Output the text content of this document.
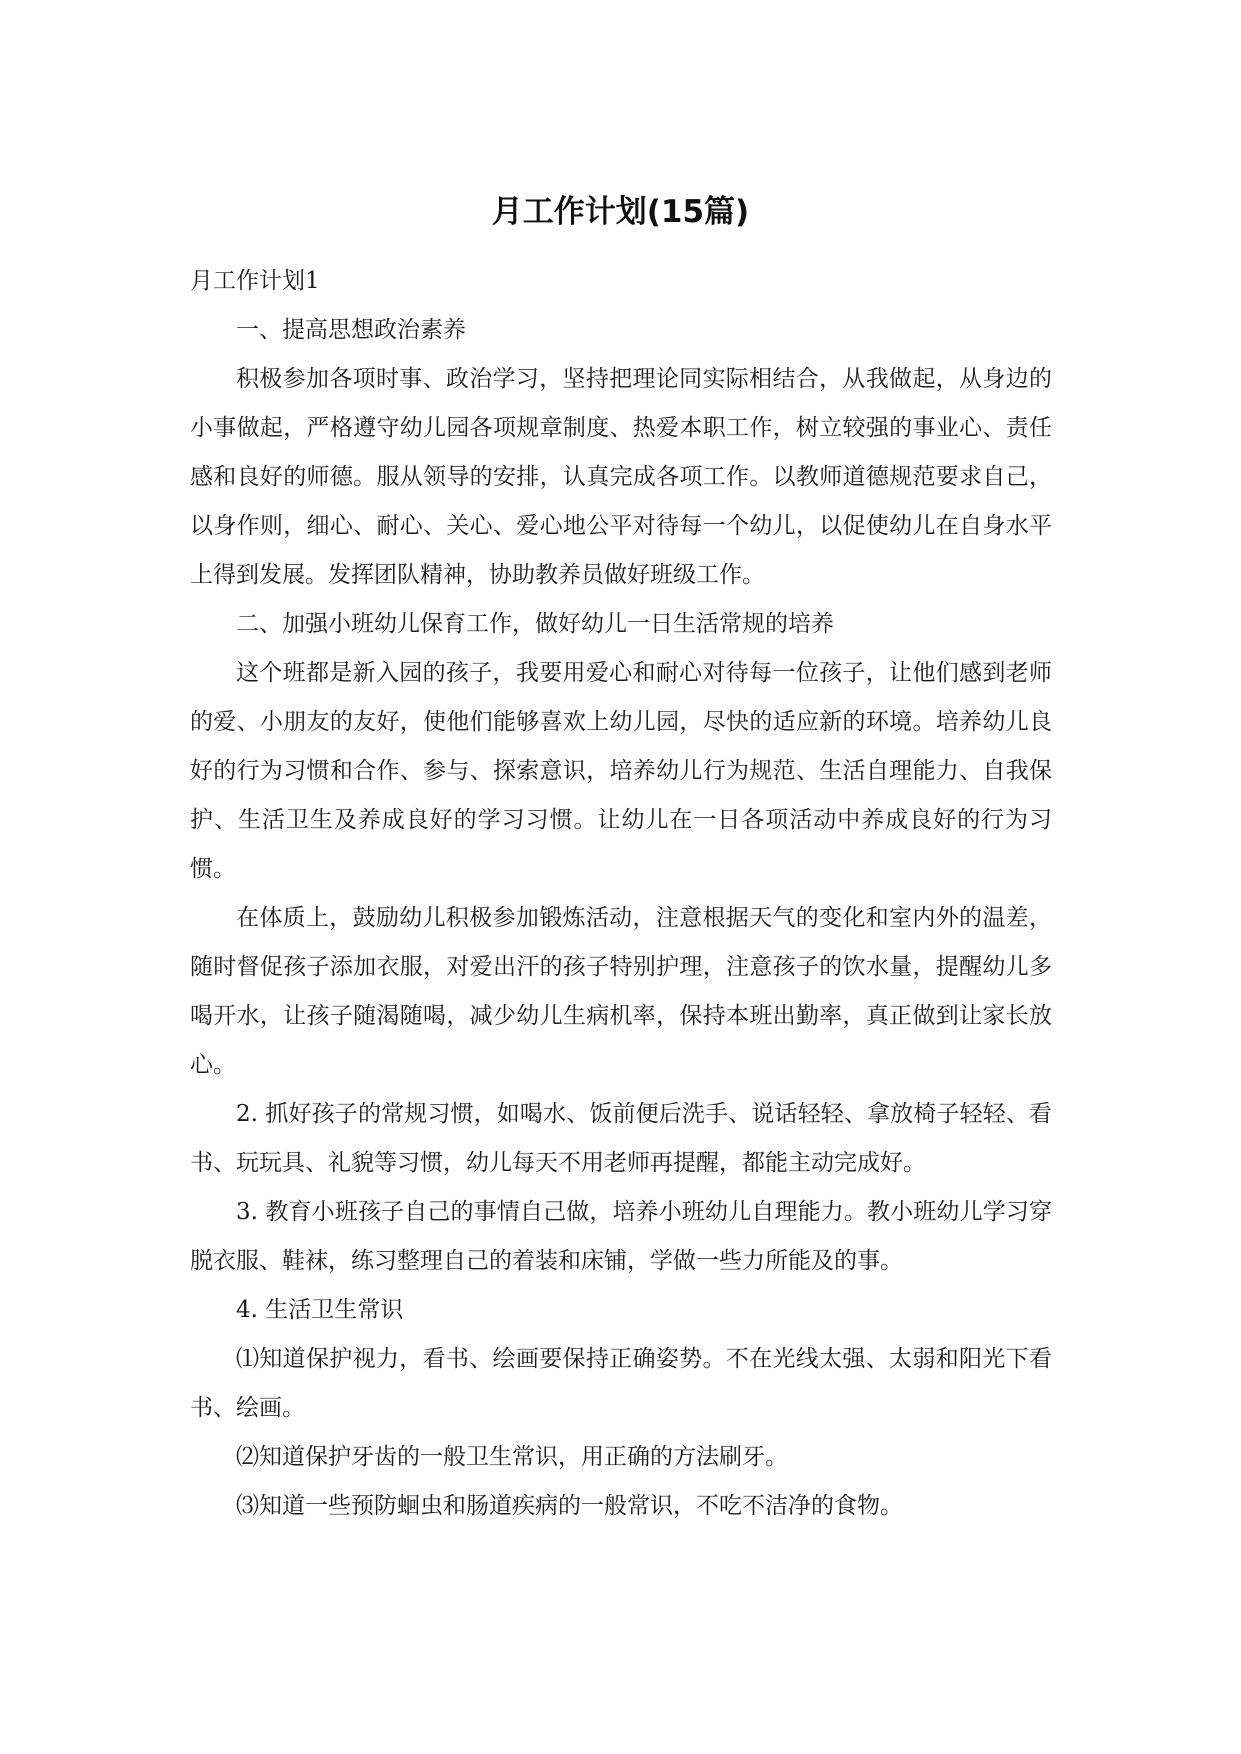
月工作计划(15篇)

月工作计划1

一、提高思想政治素养

积极参加各项时事、政治学习，坚持把理论同实际相结合，从我做起，从身边的小事做起，严格遵守幼儿园各项规章制度、热爱本职工作，树立较强的事业心、责任感和良好的师德。服从领导的安排，认真完成各项工作。以教师道德规范要求自己，以身作则，细心、耐心、关心、爱心地公平对待每一个幼儿，以促使幼儿在自身水平上得到发展。发挥团队精神，协助教养员做好班级工作。

二、加强小班幼儿保育工作，做好幼儿一日生活常规的培养

这个班都是新入园的孩子，我要用爱心和耐心对待每一位孩子，让他们感到老师的爱、小朋友的友好，使他们能够喜欢上幼儿园，尽快的适应新的环境。培养幼儿良好的行为习惯和合作、参与、探索意识，培养幼儿行为规范、生活自理能力、自我保护、生活卫生及养成良好的学习习惯。让幼儿在一日各项活动中养成良好的行为习惯。

在体质上，鼓励幼儿积极参加锻炼活动，注意根据天气的变化和室内外的温差，随时督促孩子添加衣服，对爱出汗的孩子特别护理，注意孩子的饮水量，提醒幼儿多喝开水，让孩子随渴随喝，减少幼儿生病机率，保持本班出勤率，真正做到让家长放心。

2. 抓好孩子的常规习惯，如喝水、饭前便后洗手、说话轻轻、拿放椅子轻轻、看书、玩玩具、礼貌等习惯，幼儿每天不用老师再提醒，都能主动完成好。

3. 教育小班孩子自己的事情自己做，培养小班幼儿自理能力。教小班幼儿学习穿脱衣服、鞋袜，练习整理自己的着装和床铺，学做一些力所能及的事。

4. 生活卫生常识

⑴知道保护视力，看书、绘画要保持正确姿势。不在光线太强、太弱和阳光下看书、绘画。

⑵知道保护牙齿的一般卫生常识，用正确的方法刷牙。

⑶知道一些预防蛔虫和肠道疾病的一般常识，不吃不洁净的食物。
